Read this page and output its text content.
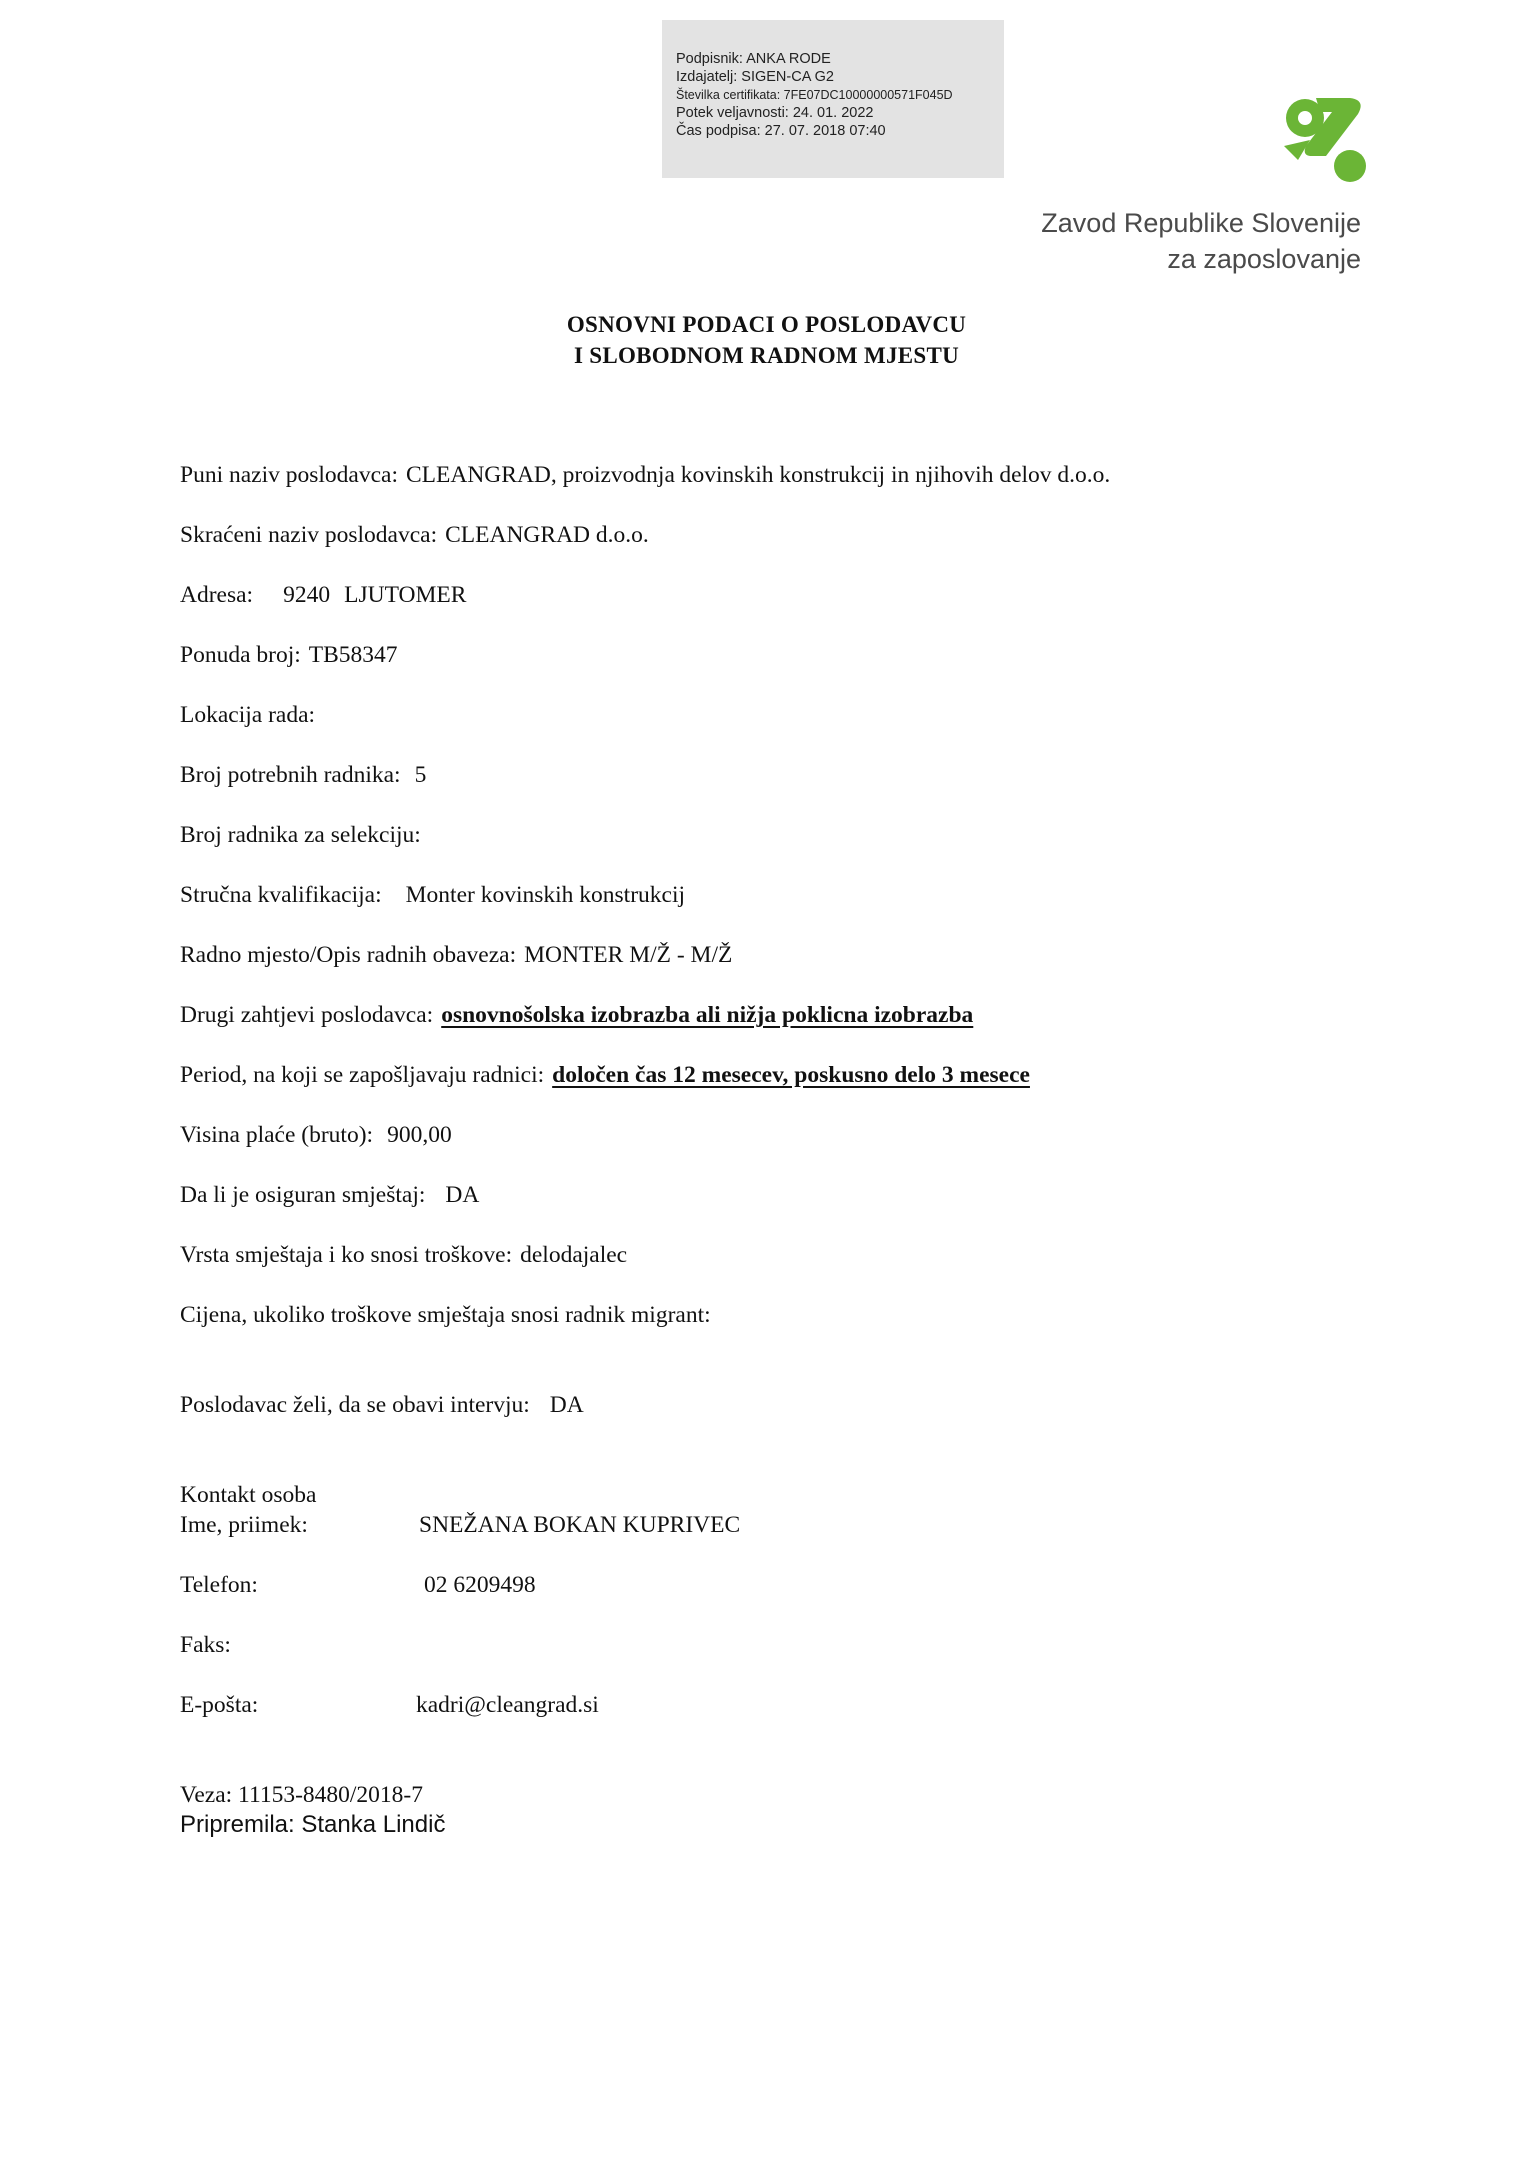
Podpisnik: ANKA RODE
Izdajatelj: SIGEN-CA G2
Številka certifikata: 7FE07DC10000000571F045D
Potek veljavnosti: 24. 01. 2022
Čas podpisa: 27. 07. 2018 07:40
Zavod Republike Slovenije
za zaposlovanje
OSNOVNI PODACI O POSLODAVCU
I SLOBODNOM RADNOM MJESTU
Puni naziv poslodavca: CLEANGRAD, proizvodnja kovinskih konstrukcij in njihovih delov d.o.o.
Skraćeni naziv poslodavca: CLEANGRAD d.o.o.
Adresa: 9240 LJUTOMER
Ponuda broj: TB58347
Lokacija rada:
Broj potrebnih radnika: 5
Broj radnika za selekciju:
Stručna kvalifikacija: Monter kovinskih konstrukcij
Radno mjesto/Opis radnih obaveza: MONTER M/Ž - M/Ž
Drugi zahtjevi poslodavca: osnovnošolska izobrazba ali nižja poklicna izobrazba
Period, na koji se zapošljavaju radnici: določen čas 12 mesecev, poskusno delo 3 mesece
Visina plaće (bruto): 900,00
Da li je osiguran smještaj: DA
Vrsta smještaja i ko snosi troškove: delodajalec
Cijena, ukoliko troškove smještaja snosi radnik migrant:
Poslodavac želi, da se obavi intervju: DA
Kontakt osoba
Ime, priimek:	SNEŽANA BOKAN KUPRIVEC
Telefon:	02 6209498
Faks:
E-pošta:	kadri@cleangrad.si
Veza: 11153-8480/2018-7
Pripremila: Stanka Lindič
